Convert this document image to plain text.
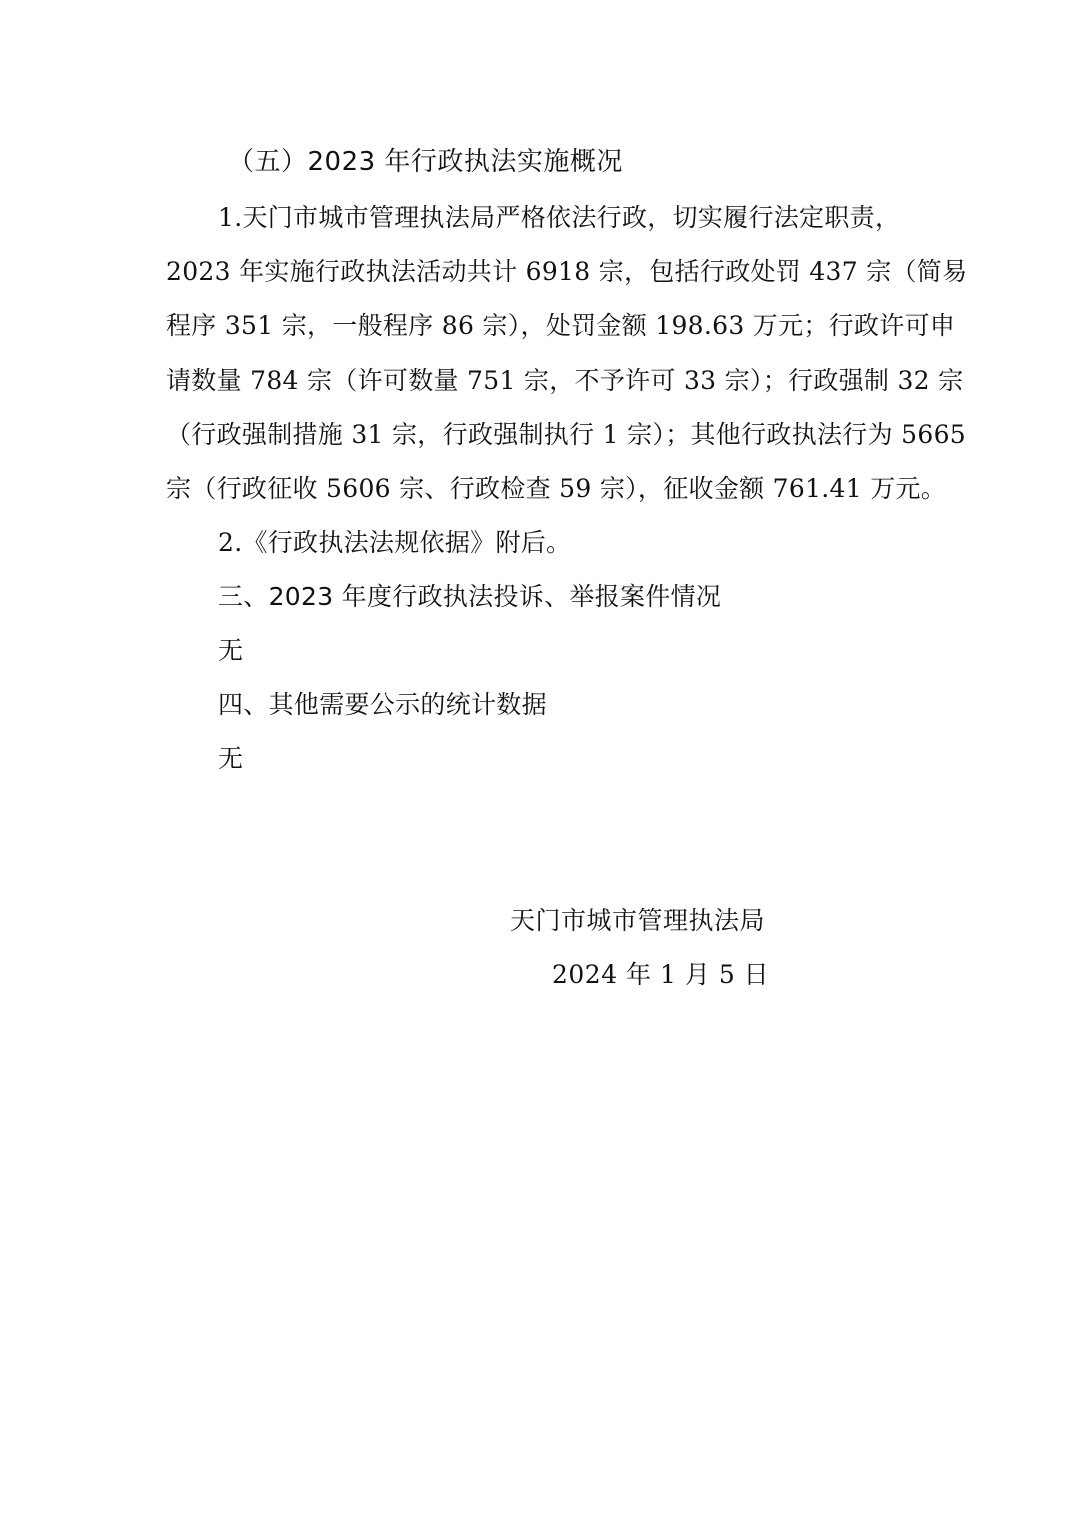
（五）2023 年行政执法实施概况
1.天门市城市管理执法局严格依法行政，切实履行法定职责，
2023 年实施行政执法活动共计 6918 宗，包括行政处罚 437 宗（简易
程序 351 宗，一般程序 86 宗），处罚金额 198.63 万元；行政许可申
请数量 784 宗（许可数量 751 宗，不予许可 33 宗）；行政强制 32 宗
（行政强制措施 31 宗，行政强制执行 1 宗）；其他行政执法行为 5665
宗（行政征收 5606 宗、行政检查 59 宗），征收金额 761.41 万元。
2.《行政执法法规依据》附后。
三、2023 年度行政执法投诉、举报案件情况
无
四、其他需要公示的统计数据
无
天门市城市管理执法局
2024 年 1 月 5 日
